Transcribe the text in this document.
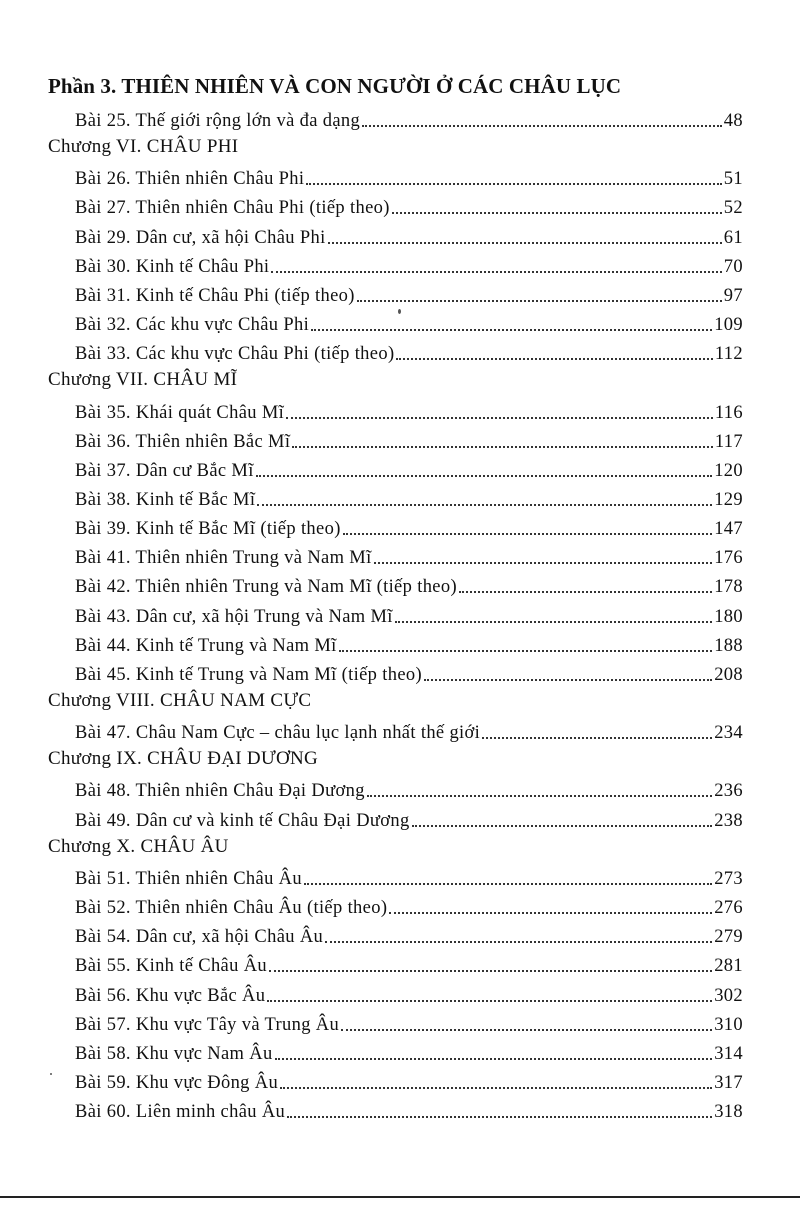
Phần 3. THIÊN NHIÊN VÀ CON NGƯỜI Ở CÁC CHÂU LỤC
Bài 25. Thế giới rộng lớn và đa dạng	48
Chương VI. CHÂU PHI
Bài 26. Thiên nhiên Châu Phi	51
Bài 27. Thiên nhiên Châu Phi (tiếp theo)	52
Bài 29. Dân cư, xã hội Châu Phi	61
Bài 30. Kinh tế Châu Phi	70
Bài 31. Kinh tế Châu Phi (tiếp theo)	97
Bài 32. Các khu vực Châu Phi	109
Bài 33. Các khu vực Châu Phi (tiếp theo)	112
Chương VII. CHÂU MĨ
Bài 35. Khái quát Châu Mĩ	116
Bài 36. Thiên nhiên Bắc Mĩ	117
Bài 37. Dân cư Bắc Mĩ	120
Bài 38. Kinh tế Bắc Mĩ	129
Bài 39. Kinh tế Bắc Mĩ (tiếp theo)	147
Bài 41. Thiên nhiên Trung và Nam Mĩ	176
Bài 42. Thiên nhiên Trung và Nam Mĩ (tiếp theo)	178
Bài 43. Dân cư, xã hội Trung và Nam Mĩ	180
Bài 44. Kinh tế Trung và Nam Mĩ	188
Bài 45. Kinh tế Trung và Nam Mĩ (tiếp theo)	208
Chương VIII. CHÂU NAM CỰC
Bài 47. Châu Nam Cực – châu lục lạnh nhất thế giới	234
Chương IX. CHÂU ĐẠI DƯƠNG
Bài 48. Thiên nhiên Châu Đại Dương	236
Bài 49. Dân cư và kinh tế Châu Đại Dương	238
Chương X. CHÂU ÂU
Bài 51. Thiên nhiên Châu Âu	273
Bài 52. Thiên nhiên Châu Âu (tiếp theo)	276
Bài 54. Dân cư, xã hội Châu Âu	279
Bài 55. Kinh tế Châu Âu	281
Bài 56. Khu vực Bắc Âu	302
Bài 57. Khu vực Tây và Trung Âu	310
Bài 58. Khu vực Nam Âu	314
Bài 59. Khu vực Đông Âu	317
Bài 60. Liên minh châu Âu	318
